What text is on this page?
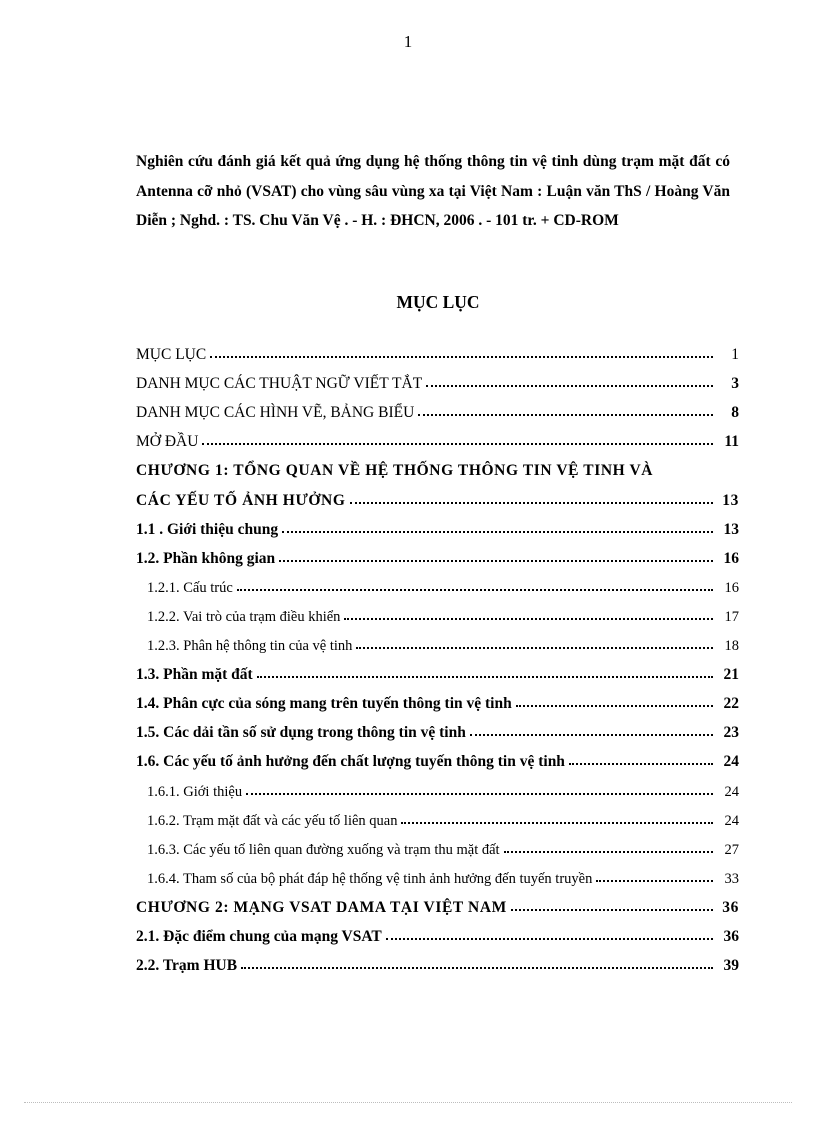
1
Nghiên cứu đánh giá kết quả ứng dụng hệ thống thông tin vệ tinh dùng trạm mặt đất có Antenna cỡ nhỏ (VSAT) cho vùng sâu vùng xa tại Việt Nam : Luận văn ThS / Hoàng Văn Diễn ; Nghd. : TS. Chu Văn Vệ . - H. : ĐHCN, 2006 . - 101 tr. + CD-ROM
MỤC LỤC
MỤC LỤC	1
DANH MỤC CÁC THUẬT NGỮ VIẾT TẮT	3
DANH MỤC CÁC HÌNH VẼ, BẢNG BIỂU	8
MỞ ĐẦU	11
CHƯƠNG 1: TỔNG QUAN VỀ HỆ THỐNG THÔNG TIN VỆ TINH VÀ
CÁC YẾU TỐ ẢNH HƯỞNG	13
1.1 . Giới thiệu chung	13
1.2. Phần không gian	16
1.2.1. Cấu trúc	16
1.2.2. Vai trò của trạm điều khiển	17
1.2.3. Phân hệ thông tin của vệ tinh	18
1.3. Phần mặt đất	21
1.4. Phân cực của sóng mang trên tuyến thông tin vệ tinh	22
1.5. Các dải tần số sử dụng trong thông tin vệ tinh	23
1.6. Các yếu tố ảnh hưởng đến chất lượng tuyến thông tin vệ tinh	24
1.6.1. Giới thiệu	24
1.6.2. Trạm mặt đất và các yếu tố liên quan	24
1.6.3. Các yếu tố liên quan đường xuống và trạm thu mặt đất	27
1.6.4. Tham số của bộ phát đáp hệ thống vệ tinh ảnh hưởng đến tuyến truyền	33
CHƯƠNG 2: MẠNG VSAT DAMA TẠI VIỆT NAM	36
2.1. Đặc điểm chung của mạng VSAT	36
2.2. Trạm HUB	39
